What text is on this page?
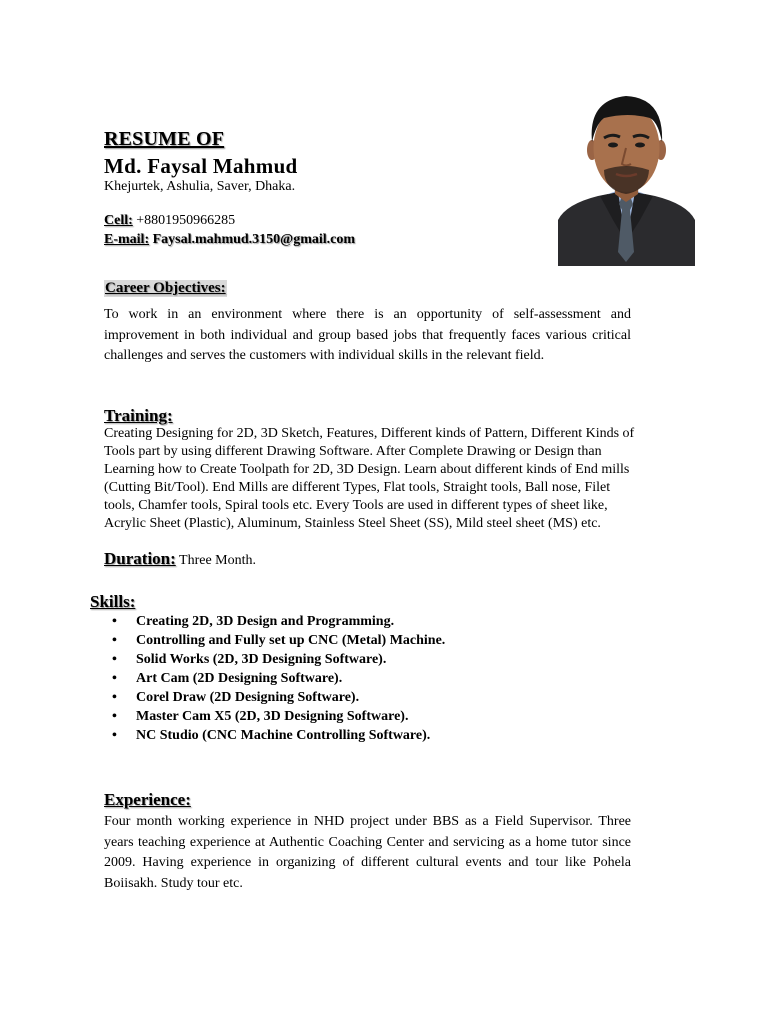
RESUME OF
Md. Faysal Mahmud
Khejurtek, Ashulia, Saver, Dhaka.
Cell: +8801950966285
E-mail: Faysal.mahmud.3150@gmail.com
Career Objectives:
To work in an environment where there is an opportunity of self-assessment and improvement in both individual and group based jobs that frequently faces various critical challenges and serves the customers with individual skills in the relevant field.
Training:
Creating Designing for 2D, 3D Sketch, Features, Different kinds of Pattern, Different Kinds of
Tools part by using different Drawing Software. After Complete Drawing or Design than
Learning how to Create Toolpath for 2D, 3D Design. Learn about different kinds of End mills
(Cutting Bit/Tool). End Mills are different Types, Flat tools, Straight tools, Ball nose, Filet
tools, Chamfer tools, Spiral tools etc. Every Tools are used in different types of sheet like,
Acrylic Sheet (Plastic), Aluminum, Stainless Steel Sheet (SS), Mild steel sheet (MS) etc.
Duration: Three Month.
Skills:
• Creating 2D, 3D Design and Programming.
• Controlling and Fully set up CNC (Metal) Machine.
• Solid Works (2D, 3D Designing Software).
• Art Cam (2D Designing Software).
• Corel Draw (2D Designing Software).
• Master Cam X5 (2D, 3D Designing Software).
• NC Studio (CNC Machine Controlling Software).
Experience:
Four month working experience in NHD project under BBS as a Field Supervisor. Three years teaching experience at Authentic Coaching Center and servicing as a home tutor since 2009. Having experience in organizing of different cultural events and tour like Pohela Boiisakh. Study tour etc.
